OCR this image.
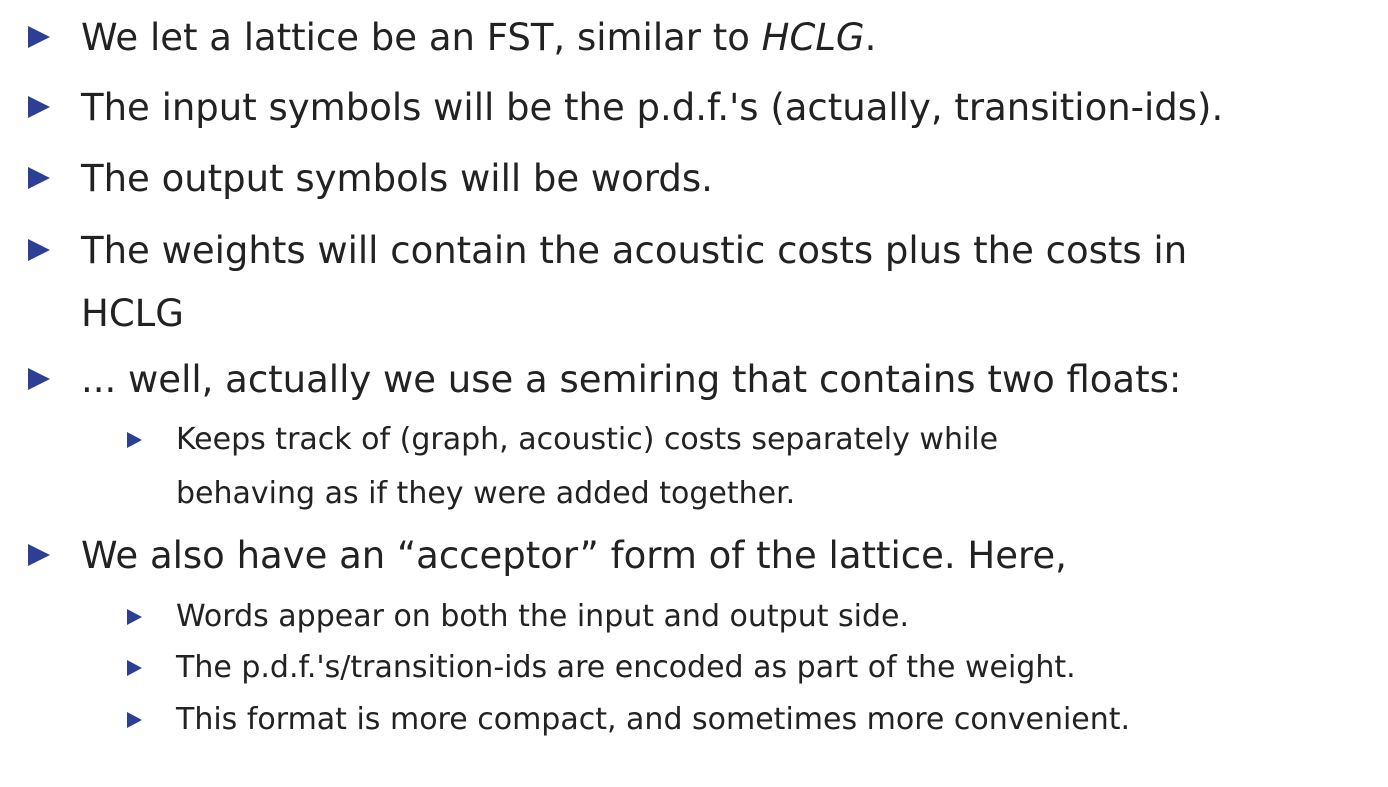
We let a lattice be an FST, similar to HCLG.
The input symbols will be the p.d.f.'s (actually, transition-ids).
The output symbols will be words.
The weights will contain the acoustic costs plus the costs in
HCLG
... well, actually we use a semiring that contains two floats:
Keeps track of (graph, acoustic) costs separately while
behaving as if they were added together.
We also have an “acceptor” form of the lattice. Here,
Words appear on both the input and output side.
The p.d.f.'s/transition-ids are encoded as part of the weight.
This format is more compact, and sometimes more convenient.
